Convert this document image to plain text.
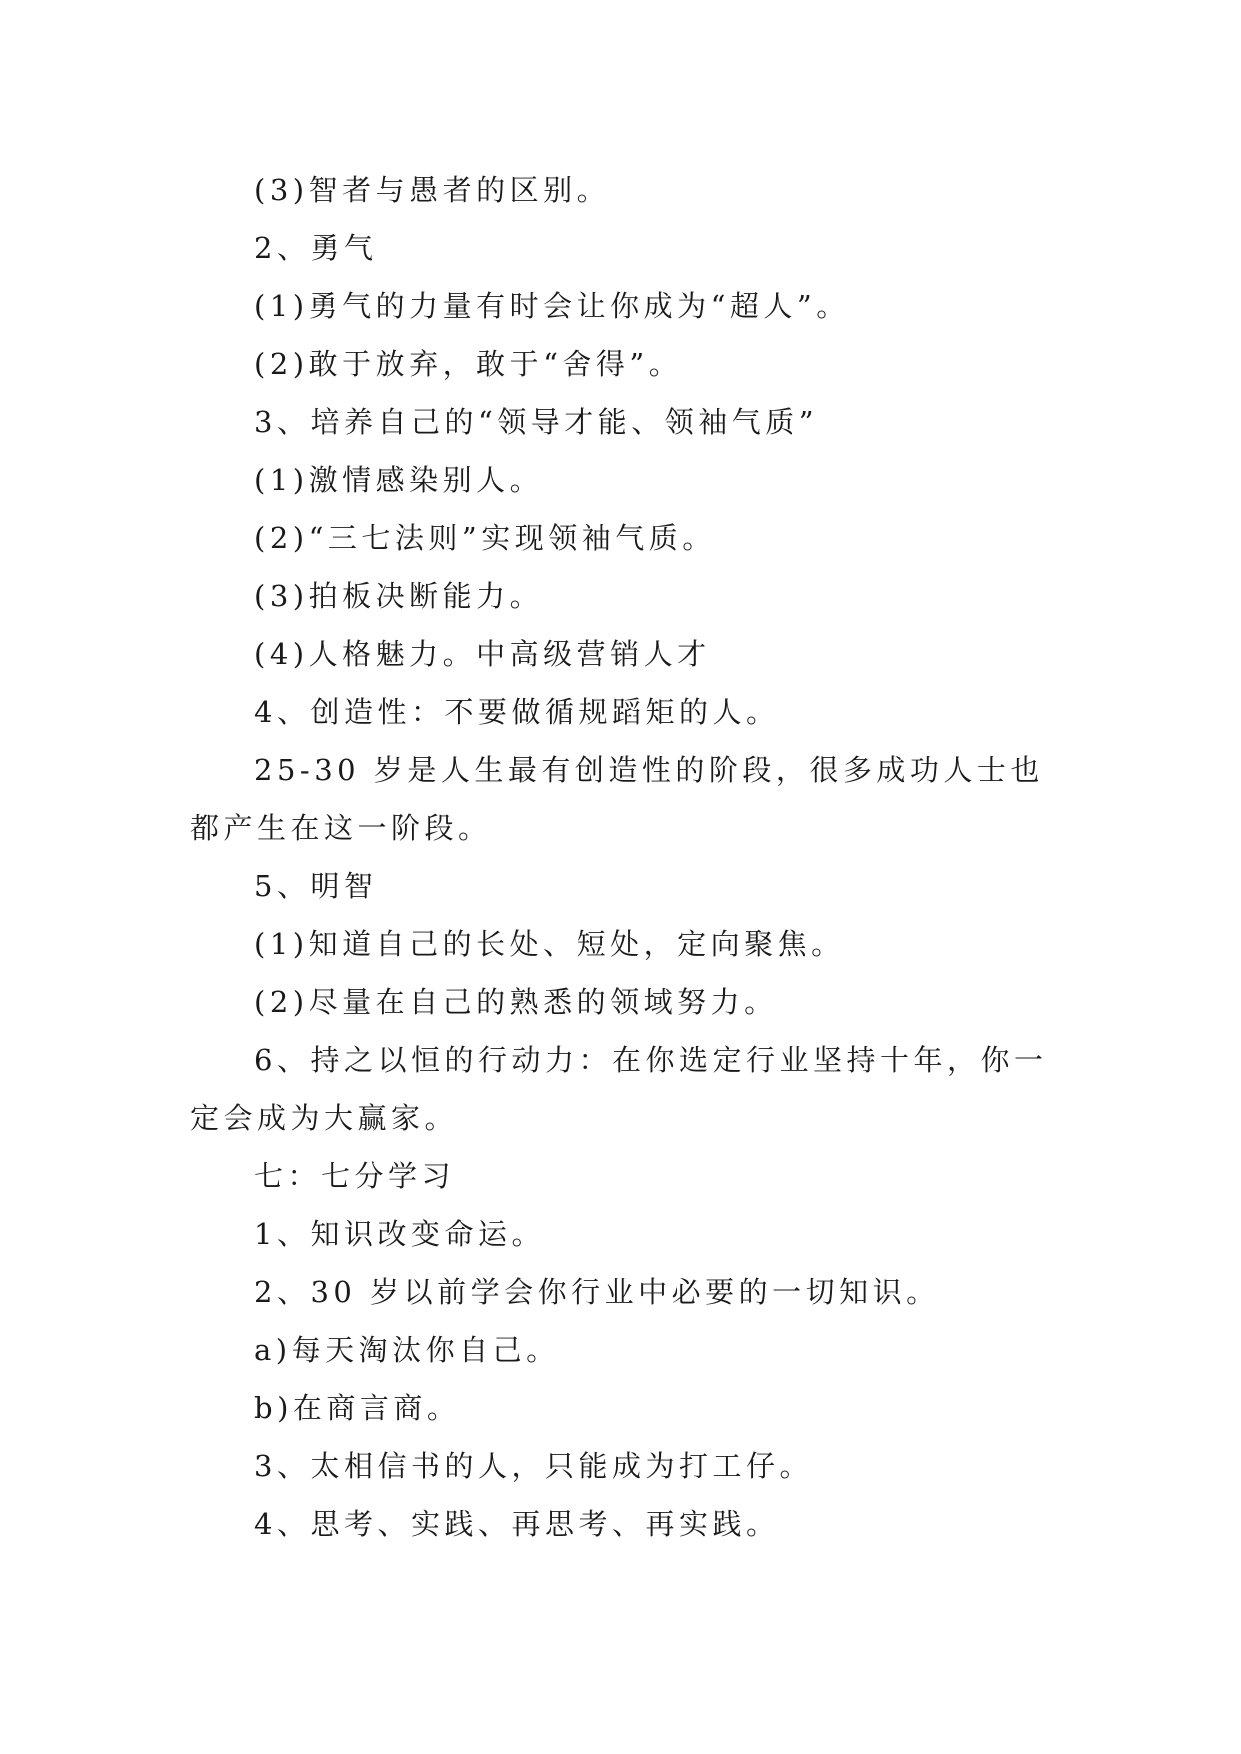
(3)智者与愚者的区别。

2、勇气

(1)勇气的力量有时会让你成为“超人”。

(2)敢于放弃，敢于“舍得”。

3、培养自己的“领导才能、领袖气质”

(1)激情感染别人。

(2)“三七法则”实现领袖气质。

(3)拍板决断能力。

(4)人格魅力。中高级营销人才

4、创造性：不要做循规蹈矩的人。

25-30 岁是人生最有创造性的阶段，很多成功人士也都产生在这一阶段。

5、明智

(1)知道自己的长处、短处，定向聚焦。

(2)尽量在自己的熟悉的领域努力。

6、持之以恒的行动力：在你选定行业坚持十年，你一定会成为大赢家。

七：七分学习

1、知识改变命运。

2、30 岁以前学会你行业中必要的一切知识。

a)每天淘汰你自己。

b)在商言商。

3、太相信书的人，只能成为打工仔。

4、思考、实践、再思考、再实践。
